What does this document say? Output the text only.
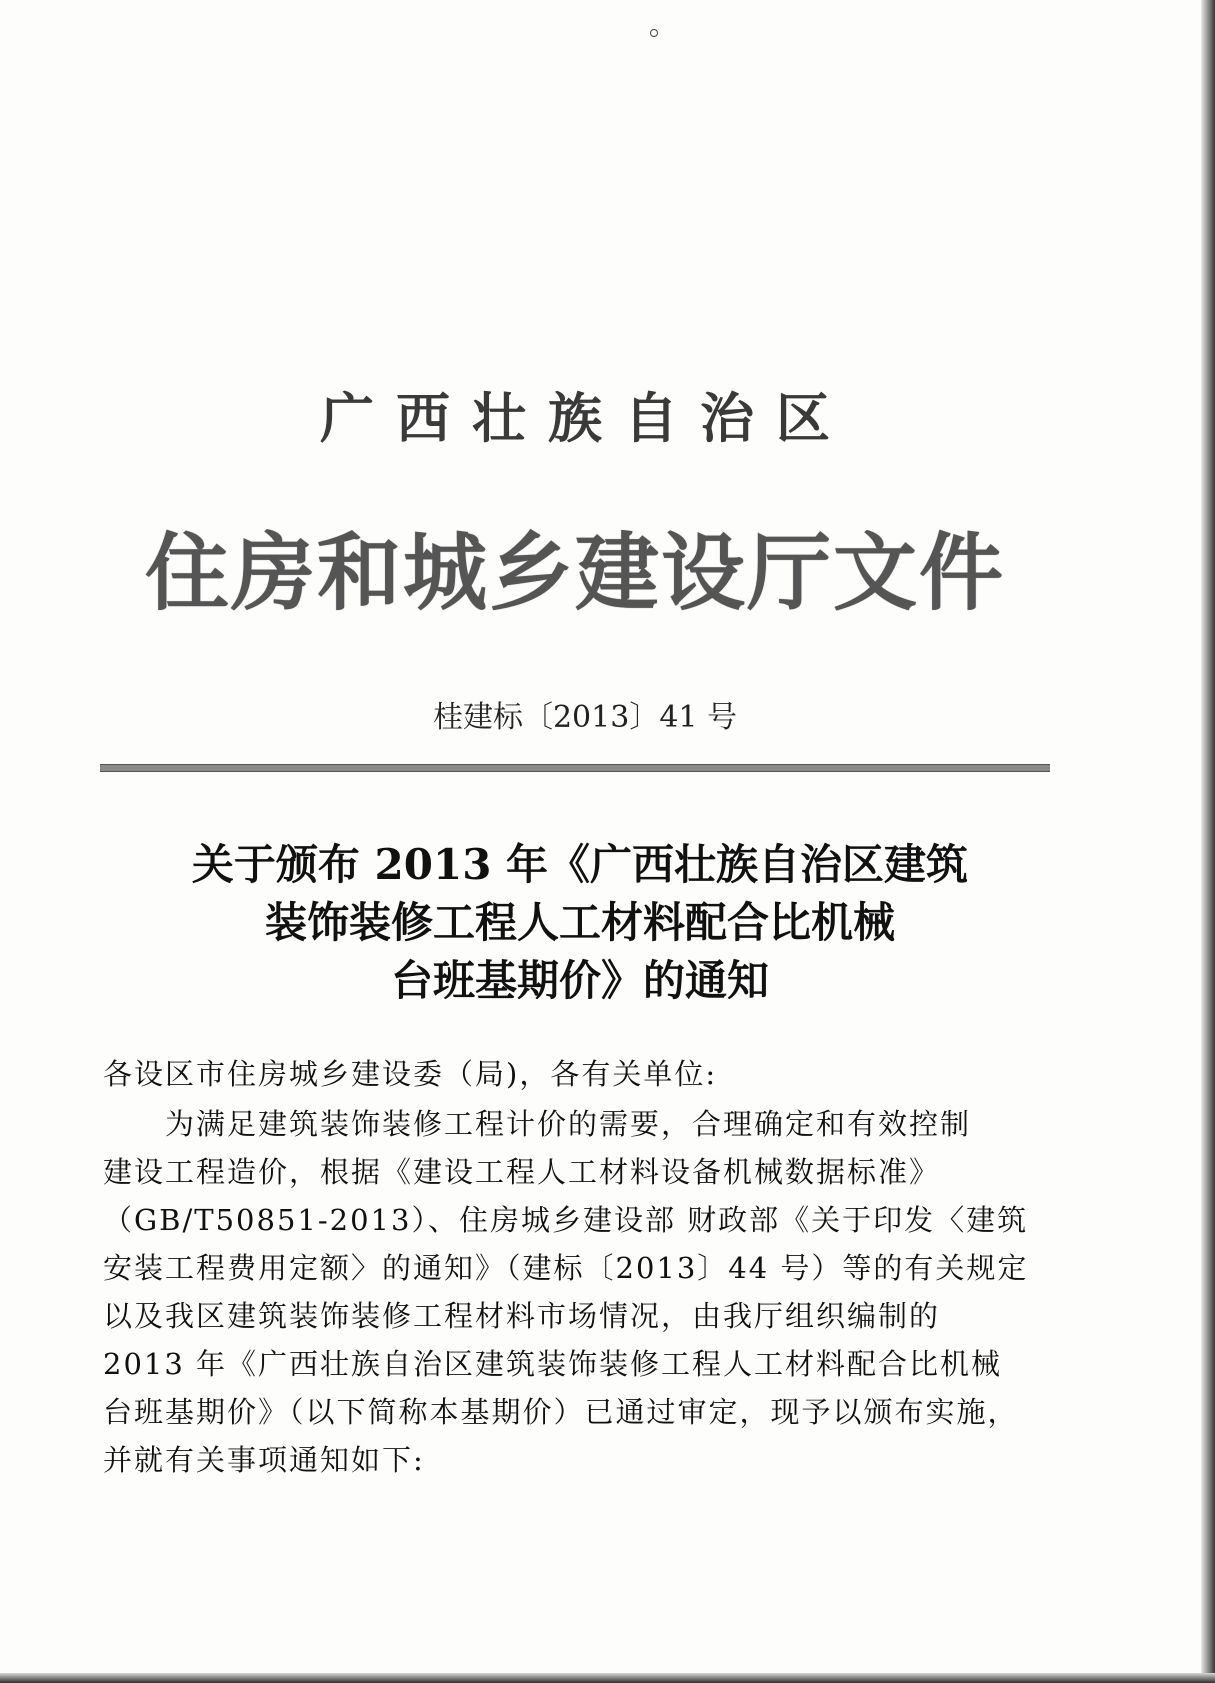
广西壮族自治区
住房和城乡建设厅文件
桂建标〔2013〕41 号
关于颁布 2013 年《广西壮族自治区建筑
装饰装修工程人工材料配合比机械
台班基期价》的通知
各设区市住房城乡建设委（局)，各有关单位:
　　为满足建筑装饰装修工程计价的需要，合理确定和有效控制
建设工程造价，根据《建设工程人工材料设备机械数据标准》
（GB/T50851-2013）、住房城乡建设部 财政部《关于印发〈建筑
安装工程费用定额〉的通知》（建标〔2013〕44 号）等的有关规定
以及我区建筑装饰装修工程材料市场情况，由我厅组织编制的
2013 年《广西壮族自治区建筑装饰装修工程人工材料配合比机械
台班基期价》（以下简称本基期价）已通过审定，现予以颁布实施，
并就有关事项通知如下:
